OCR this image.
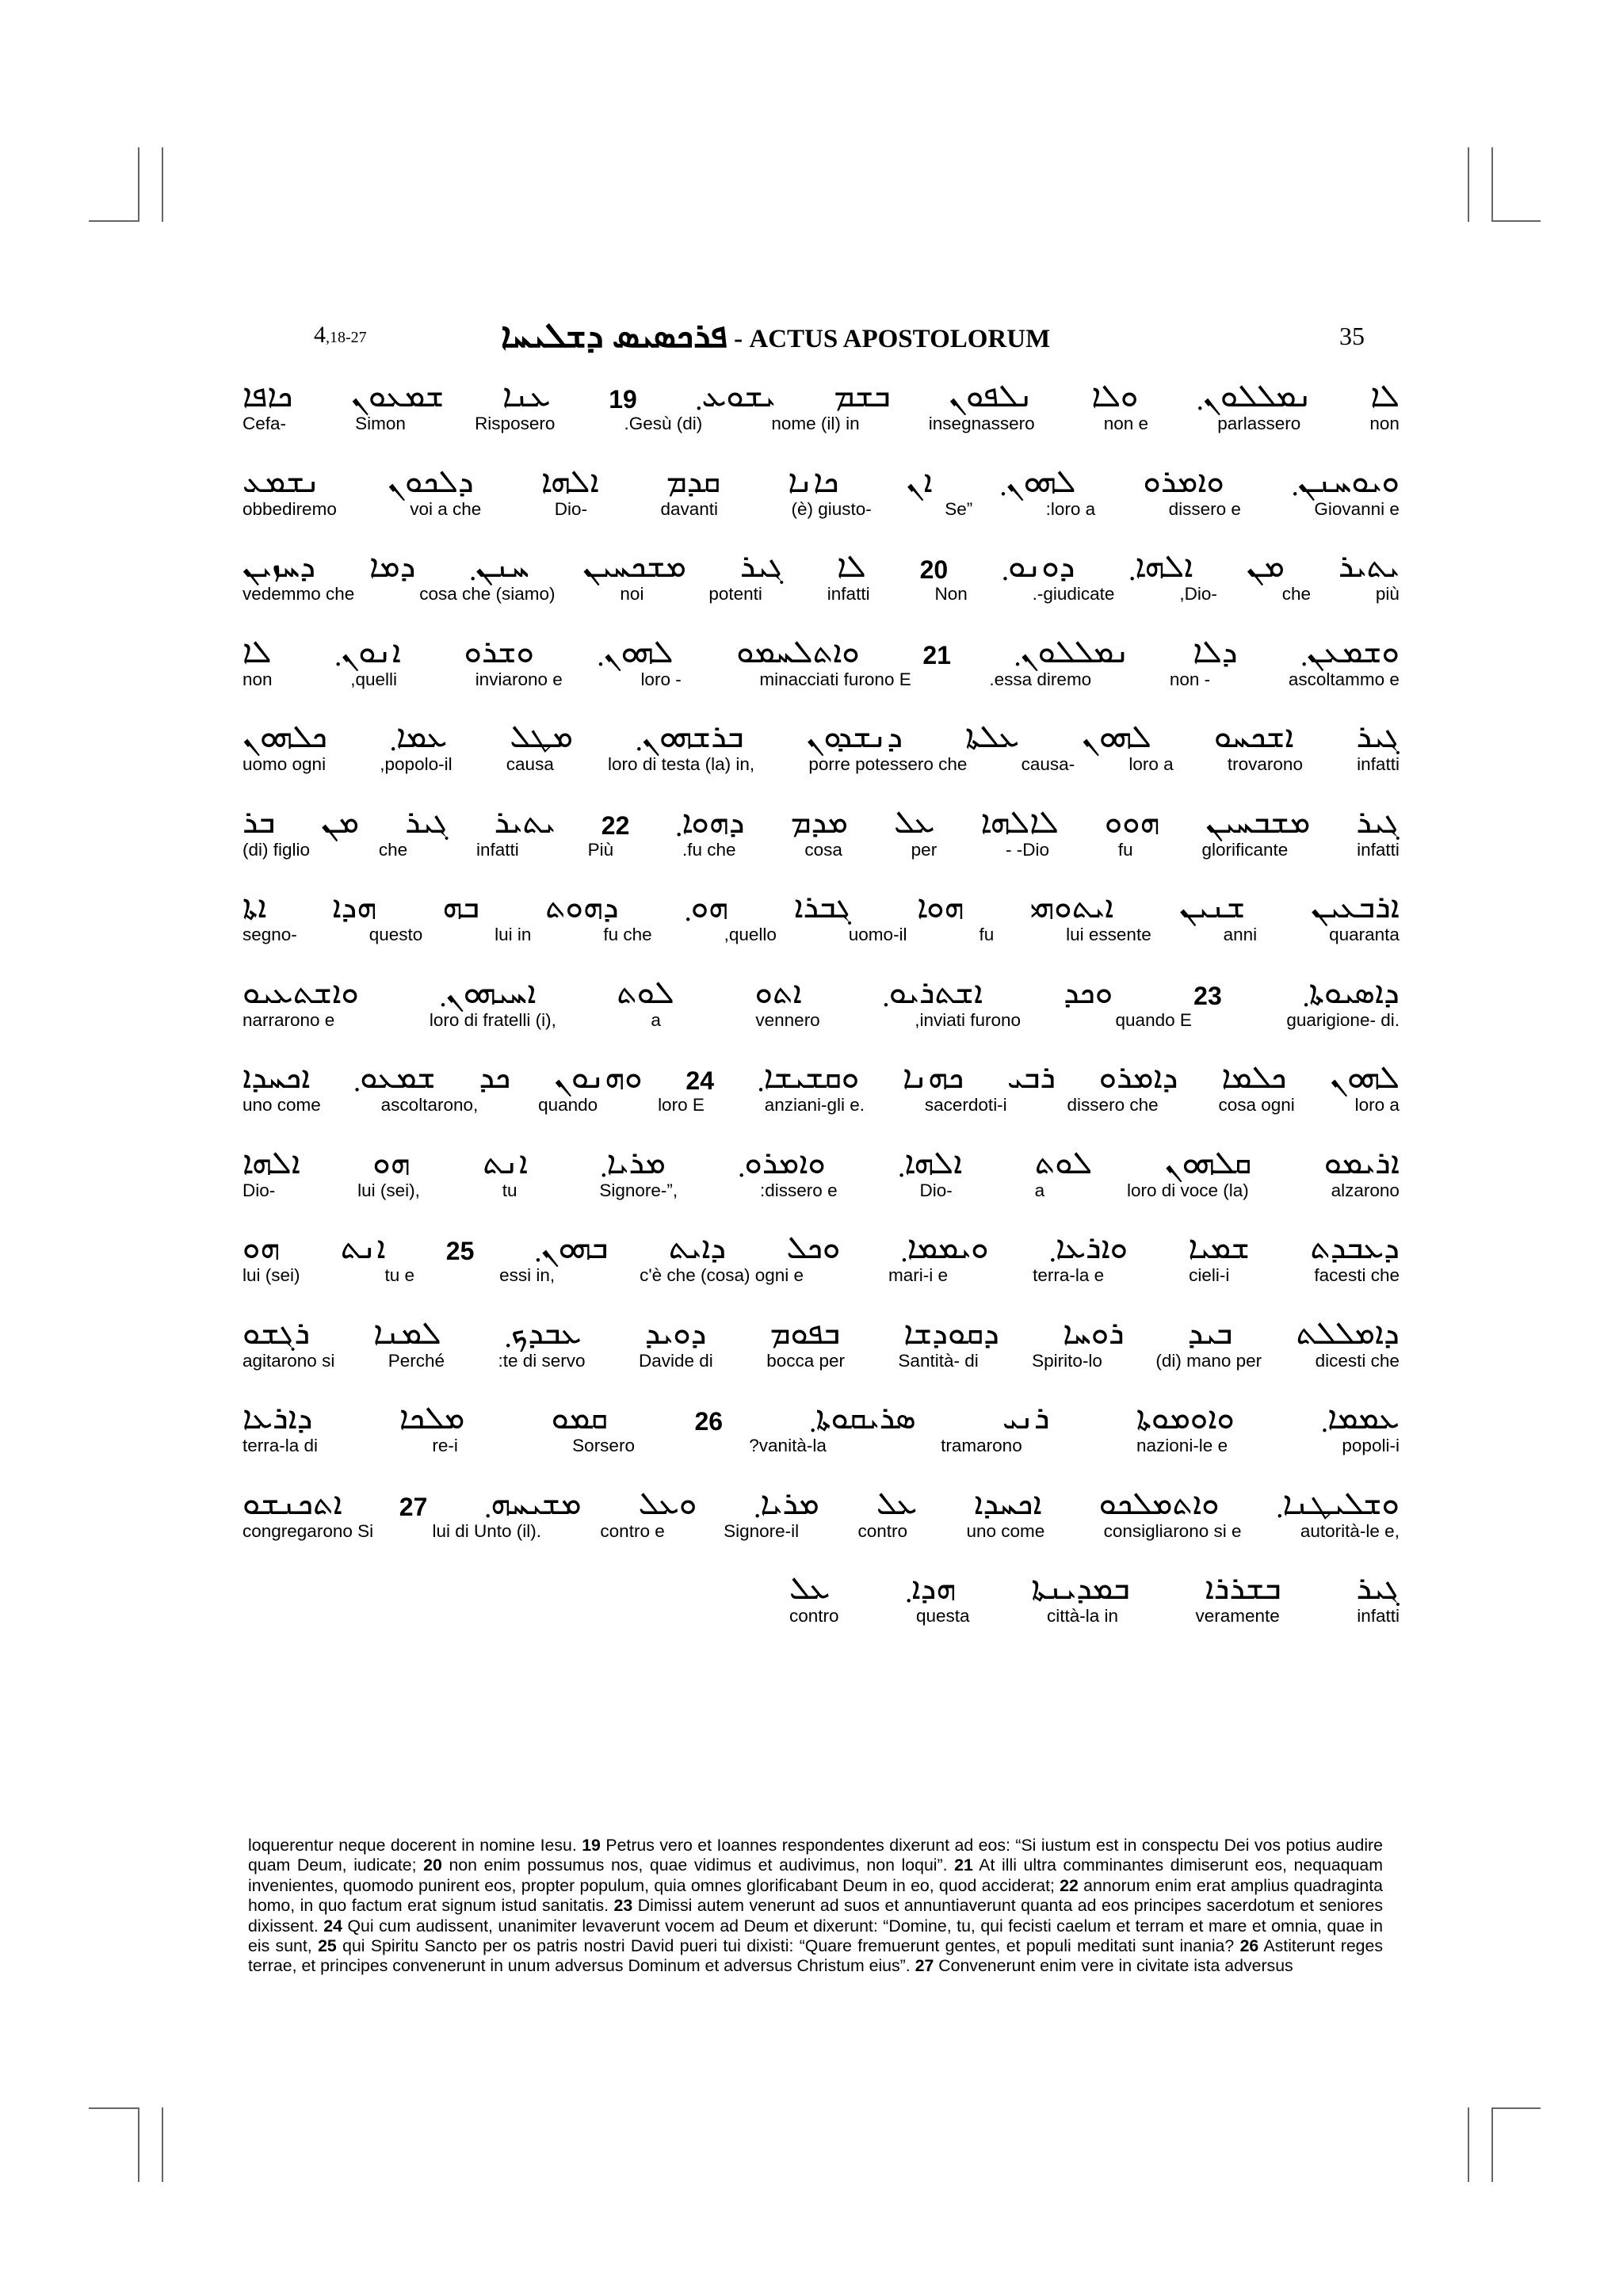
4,18-27	ܦܪܟܣܝܣ ܕܫܠܝܚܐ - ACTUS APOSTOLORUM	35
ܠܐ
ܢܡܠܠܘܢ܂
ܘܠܐ
ܢܠܦܘܢ
ܒܫܡ
ܝܫܘܥ܂
19
ܥܢܐ
ܫܡܥܘܢ
ܟܐܦܐ
non
parlassero
non e
insegnassero
nome (il) in
.Gesù (di)
Risposero
Simon
Cefa-
ܘܝܘܚܢܢ܂
ܘܐܡܪܘ
ܠܗܘܢ܂
ܐܢ
ܟܐܢܐ
ܩܕܡ
ܐܠܗܐ
ܕܠܟܘܢ
ܢܫܡܥ
Giovanni e
dissero e
:loro a
Se”
(è) giusto-
davanti
Dio-
voi a che
obbediremo
ܝܬܝܪ
ܡܢ
ܐܠܗܐ܂
ܕܘܢܘ܂
20
ܠܐ
ܓܝܪ
ܡܫܟܚܝܢ
ܚܢܢ܂
ܕܡܐ
ܕܚܙܝܢ
più
che
,Dio-
.-giudicate
Non
infatti
potenti
noi
cosa che (siamo)
vedemmo che
ܘܫܡܥܢ܂
ܕܠܐ
ܢܡܠܠܘܢ܂
21
ܘܐܬܠܚܡܘ
ܠܗܘܢ܂
ܘܫܪܘ
ܐܢܘܢ܂
ܠܐ
ascoltammo e
non -
.essa diremo
minacciati furono E
loro -
inviarono e
,quelli
non
ܓܝܪ
ܐܫܟܚܘ
ܠܗܘܢ
ܥܠܬܐ
ܕܢܫܕܘܢ
ܒܪܫܗܘܢ܂
ܡܛܠ
ܥܡܐ܂
ܟܠܗܘܢ
infatti
trovarono
loro a
causa-
porre potessero che
loro di testa (la) in,
causa
,popolo-il
uomo ogni
ܓܝܪ
ܡܫܒܚܝܢ
ܗܘܘ
ܠܐܠܗܐ
ܥܠ
ܡܕܡ
ܕܗܘܐ܂
22
ܝܬܝܪ
ܓܝܪ
ܡܢ
ܒܪ
infatti
glorificante
fu
- -Dio
per
cosa
.fu che
Più
infatti
che
(di) figlio
ܐܪܒܥܝܢ
ܫܢܝܢ
ܐܝܬܘܗܝ
ܗܘܐ
ܓܒܪܐ
ܗܘ܂
ܕܗܘܬ
ܒܗ
ܗܕܐ
ܐܬܐ
quaranta
anni
lui essente
fu
uomo-il
,quello
fu che
lui in
questo
segno-
ܕܐܣܝܘܬܐ܂
23
ܘܟܕ
ܐܫܬܪܝܘ܂
ܐܬܘ
ܠܘܬ
ܐܚܝܗܘܢ܂
ܘܐܫܬܥܝܘ
guarigione- di.
quando E
,inviati furono
vennero
a
loro di fratelli (i),
narrarono e
ܠܗܘܢ
ܟܠܡܐ
ܕܐܡܪܘ
ܪܒܝ
ܟܗܢܐ
ܘܩܫܝܫܐ܂
24
ܘܗܢܘܢ
ܟܕ
ܫܡܥܘ܂
ܐܟܚܕܐ
loro a
cosa ogni
dissero che
sacerdoti-i
anziani-gli e.
loro E
quando
ascoltarono,
uno come
ܐܪܝܡܘ
ܩܠܗܘܢ
ܠܘܬ
ܐܠܗܐ܂
ܘܐܡܪܘ܂
ܡܪܝܐ܂
ܐܢܬ
ܗܘ
ܐܠܗܐ
alzarono
loro di voce (la)
a
Dio-
:dissero e
Signore-”,
tu
lui (sei),
Dio-
ܕܥܒܕܬ
ܫܡܝܐ
ܘܐܪܥܐ܂
ܘܝܡܡܐ܂
ܘܟܠ
ܕܐܝܬ
ܒܗܘܢ܂
25
ܐܢܬ
ܗܘ
facesti che
cieli-i
terra-la e
mari-i e
c'è che (cosa) ogni e
essi in,
tu e
lui (sei)
ܕܐܡܠܠܬ
ܒܝܕ
ܪܘܚܐ
ܕܩܘܕܫܐ
ܒܦܘܡ
ܕܘܝܕ
ܥܒܕܟ܂
ܠܡܢܐ
ܪܓܫܘ
dicesti che
(di) mano per
Spirito-lo
Santità- di
bocca per
Davide di
:te di servo
Perché
agitarono si
ܥܡܡܐ܂
ܘܐܘܡܘܬܐ
ܪܢܝ
ܣܪܝܩܘܬܐ܂
26
ܩܡܘ
ܡܠܟܐ
ܕܐܪܥܐ
popoli-i
nazioni-le e
tramarono
?vanità-la
Sorsero
re-i
terra-la di
ܘܫܠܝܛܢܐ܂
ܘܐܬܡܠܟܘ
ܐܟܚܕܐ
ܥܠ
ܡܪܝܐ܂
ܘܥܠ
ܡܫܝܚܗ܂
27
ܐܬܟܢܫܘ
autorità-le e,
consigliarono si e
uno come
contro
Signore-il
contro e
lui di Unto (il).
congregarono Si
ܓܝܪ
ܒܫܪܪܐ
ܒܡܕܝܢܬܐ
ܗܕܐ܂
ܥܠ
infatti
veramente
città-la in
questa
contro
loquerentur neque docerent in nomine Iesu. 19 Petrus vero et Ioannes respondentes dixerunt ad eos: “Si iustum est in conspectu Dei vos potius audire quam Deum, iudicate; 20 non enim possumus nos, quae vidimus et audivimus, non loqui”. 21 At illi ultra comminantes dimiserunt eos, nequaquam invenientes, quomodo punirent eos, propter populum, quia omnes glorificabant Deum in eo, quod acciderat; 22 annorum enim erat amplius quadraginta homo, in quo factum erat signum istud sanitatis. 23 Dimissi autem venerunt ad suos et annuntiaverunt quanta ad eos principes sacerdotum et seniores dixissent. 24 Qui cum audissent, unanimiter levaverunt vocem ad Deum et dixerunt: “Domine, tu, qui fecisti caelum et terram et mare et omnia, quae in eis sunt, 25 qui Spiritu Sancto per os patris nostri David pueri tui dixisti: “Quare fremuerunt gentes, et populi meditati sunt inania? 26 Astiterunt reges terrae, et principes convenerunt in unum adversus Dominum et adversus Christum eius”. 27 Convenerunt enim vere in civitate ista adversus
